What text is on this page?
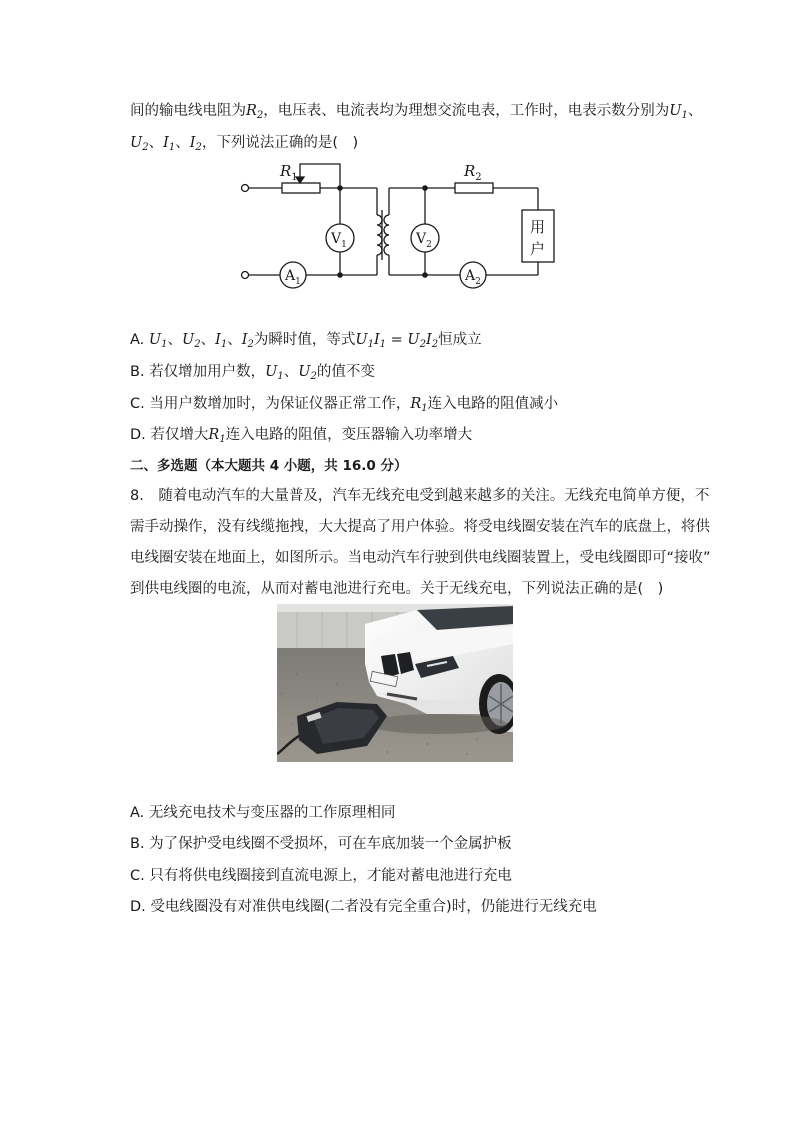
间的输电线电阻为$R_2$，电压表、电流表均为理想交流电表，工作时，电表示数分别为$U_1$、
$U_2$、$I_1$、$I_2$，下列说法正确的是(　)
$R_1$	$R_2$
$V_1$	$V_2$
$A_1$	$A_2$
用
户
A. $U_1$、$U_2$、$I_1$、$I_2$为瞬时值，等式$U_1I_1 = U_2I_2$恒成立
B. 若仅增加用户数，$U_1$、$U_2$的值不变
C. 当用户数增加时，为保证仪器正常工作，$R_1$连入电路的阻值减小
D. 若仅增大$R_1$连入电路的阻值，变压器输入功率增大
二、多选题（本大题共 4 小题，共 16.0 分）
8.　随着电动汽车的大量普及，汽车无线充电受到越来越多的关注。无线充电简单方便，不
需手动操作，没有线缆拖拽，大大提高了用户体验。将受电线圈安装在汽车的底盘上，将供
电线圈安装在地面上，如图所示。当电动汽车行驶到供电线圈装置上，受电线圈即可“接收”
到供电线圈的电流，从而对蓄电池进行充电。关于无线充电，下列说法正确的是(　)
A. 无线充电技术与变压器的工作原理相同
B. 为了保护受电线圈不受损坏，可在车底加装一个金属护板
C. 只有将供电线圈接到直流电源上，才能对蓄电池进行充电
D. 受电线圈没有对准供电线圈(二者没有完全重合)时，仍能进行无线充电
